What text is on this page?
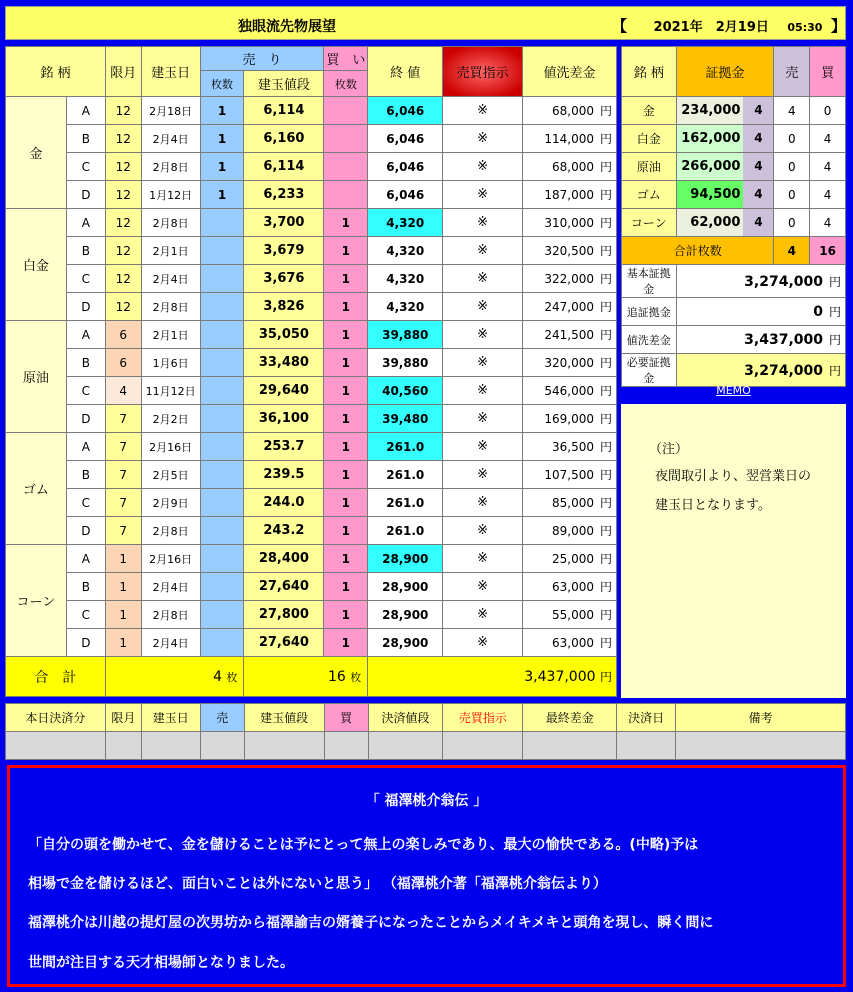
独眼流先物展望	【 2021年　2月19日 05:30 】
銘 柄		限月	建玉日	売　り		買　い	終 値	売買指示	値洗差金
				枚数	建玉値段	枚数			
金	A	12	2月18日	1	6,114		6,046	※	68,000 円
	B	12	2月4日	1	6,160		6,046	※	114,000 円
	C	12	2月8日	1	6,114		6,046	※	68,000 円
	D	12	1月12日	1	6,233		6,046	※	187,000 円
白金	A	12	2月8日		3,700	1	4,320	※	310,000 円
	B	12	2月1日		3,679	1	4,320	※	320,500 円
	C	12	2月4日		3,676	1	4,320	※	322,000 円
	D	12	2月8日		3,826	1	4,320	※	247,000 円
原油	A	6	2月1日		35,050	1	39,880	※	241,500 円
	B	6	1月6日		33,480	1	39,880	※	320,000 円
	C	4	11月12日		29,640	1	40,560	※	546,000 円
	D	7	2月2日		36,100	1	39,480	※	169,000 円
ゴム	A	7	2月16日		253.7	1	261.0	※	36,500 円
	B	7	2月5日		239.5	1	261.0	※	107,500 円
	C	7	2月9日		244.0	1	261.0	※	85,000 円
	D	7	2月8日		243.2	1	261.0	※	89,000 円
コーン	A	1	2月16日		28,400	1	28,900	※	25,000 円
	B	1	2月4日		27,640	1	28,900	※	63,000 円
	C	1	2月8日		27,800	1	28,900	※	55,000 円
	D	1	2月4日		27,640	1	28,900	※	63,000 円
合　計		4 枚			16 枚		3,437,000 円		
銘 柄	証拠金	売	買
金	234,000 4	4	0
白金	162,000 4	0	4
原油	266,000 4	0	4
ゴム	94,500 4	0	4
コーン	62,000 4	0	4
合計枚数		4	16
基本証拠金	3,274,000 円		
追証拠金	0 円		
値洗差金	3,437,000 円		
必要証拠金	3,274,000 円		
MEMO
（注）
夜間取引より、翌営業日の
建玉日となります。
本日決済分	限月	建玉日	売	建玉値段	買	決済値段	売買指示	最終差金	決済日	備考

「 福澤桃介翁伝 」
「自分の頭を働かせて、金を儲けることは予にとって無上の楽しみであり、最大の愉快である。(中略)予は
相場で金を儲けるほど、面白いことは外にないと思う」 （福澤桃介著「福澤桃介翁伝より）
福澤桃介は川越の提灯屋の次男坊から福澤諭吉の婿養子になったことからメイキメキと頭角を現し、瞬く間に
世間が注目する天才相場師となりました。
